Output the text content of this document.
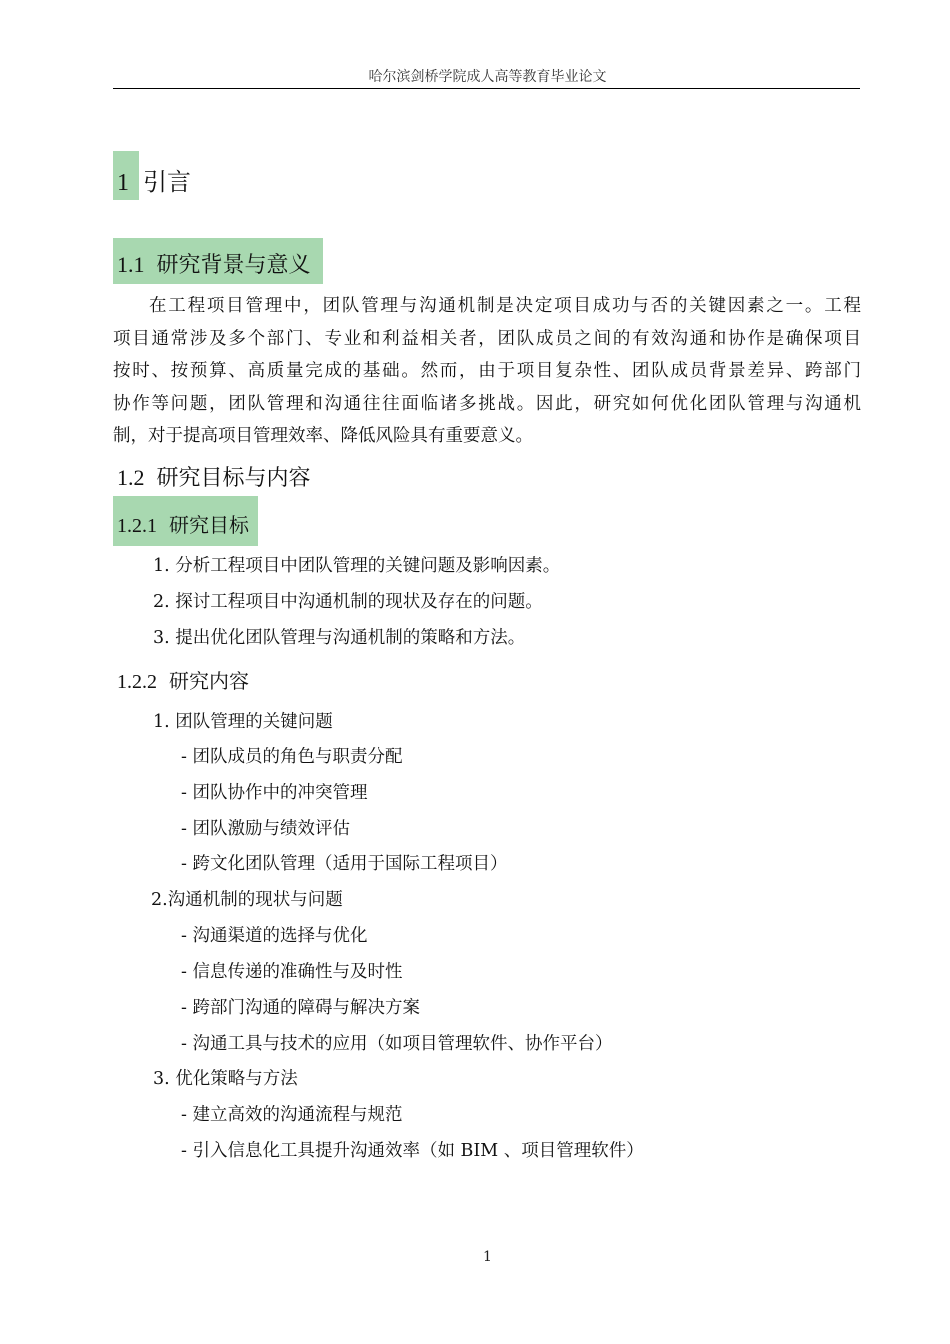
哈尔滨剑桥学院成人高等教育毕业论文
1 引言
1.1 研究背景与意义

在工程项目管理中，团队管理与沟通机制是决定项目成功与否的关键因素之一。工程
项目通常涉及多个部门、专业和利益相关者，团队成员之间的有效沟通和协作是确保项目
按时、按预算、高质量完成的基础。然而，由于项目复杂性、团队成员背景差异、跨部门
协作等问题，团队管理和沟通往往面临诸多挑战。因此，研究如何优化团队管理与沟通机
制，对于提高项目管理效率、降低风险具有重要意义。

1.2 研究目标与内容
1.2.1 研究目标
1. 分析工程项目中团队管理的关键问题及影响因素。
2. 探讨工程项目中沟通机制的现状及存在的问题。
3. 提出优化团队管理与沟通机制的策略和方法。
1.2.2 研究内容
1. 团队管理的关键问题
- 团队成员的角色与职责分配
- 团队协作中的冲突管理
- 团队激励与绩效评估
- 跨文化团队管理（适用于国际工程项目）
2.沟通机制的现状与问题
- 沟通渠道的选择与优化
- 信息传递的准确性与及时性
- 跨部门沟通的障碍与解决方案
- 沟通工具与技术的应用（如项目管理软件、协作平台）
3. 优化策略与方法
- 建立高效的沟通流程与规范
- 引入信息化工具提升沟通效率（如 BIM 、项目管理软件）
1
